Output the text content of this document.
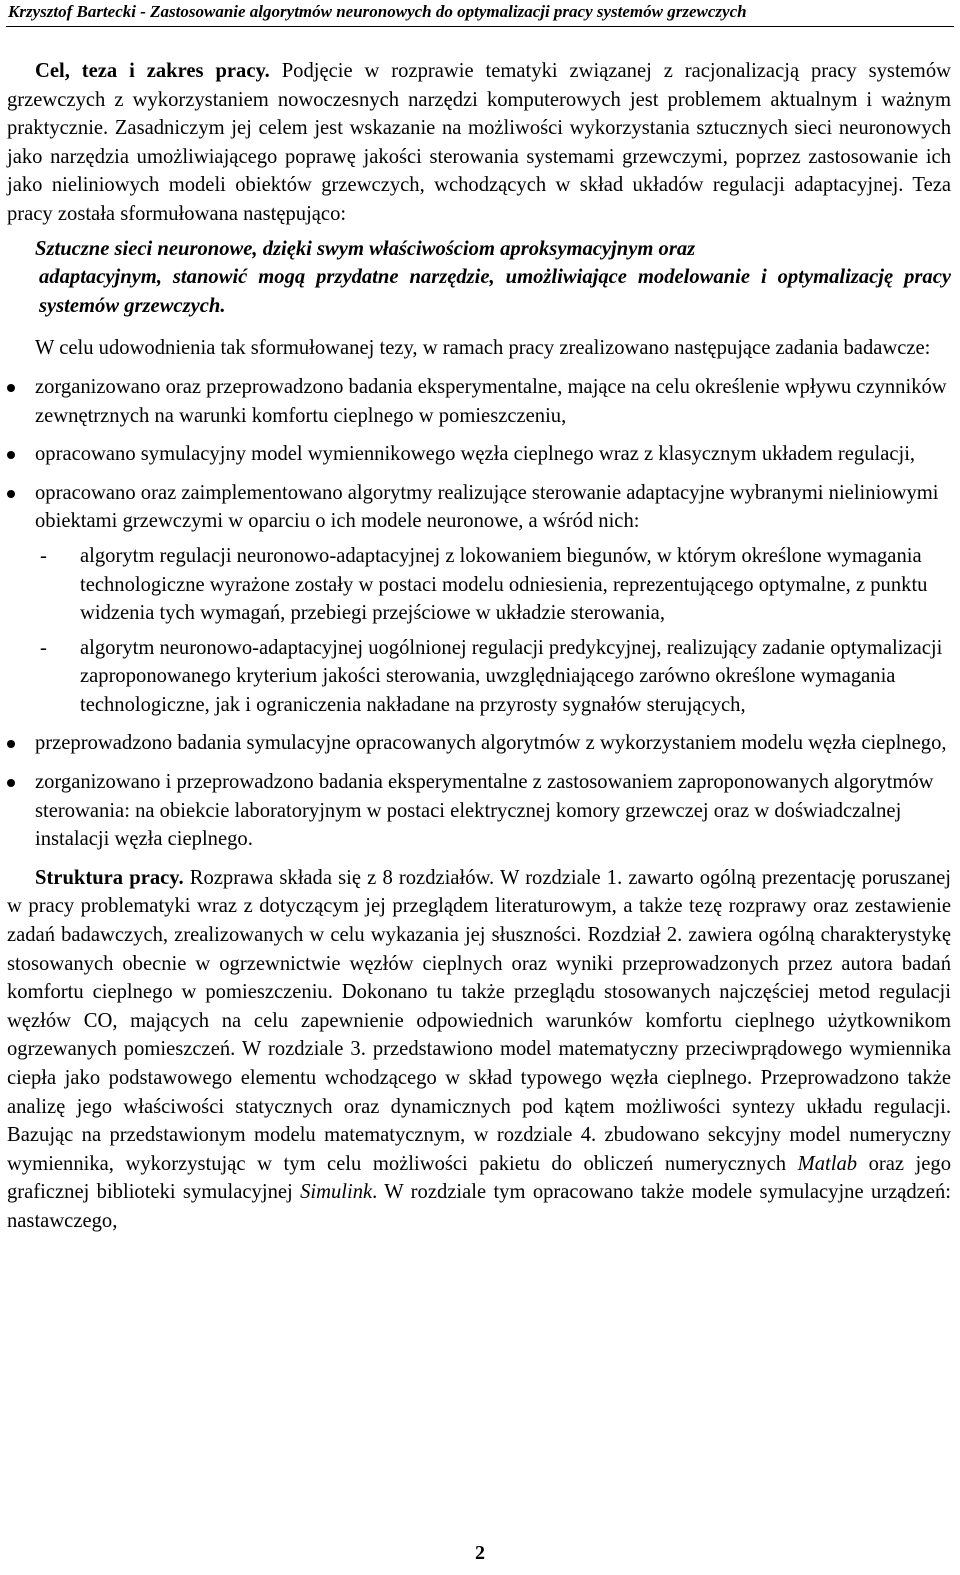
Krzysztof Bartecki - Zastosowanie algorytmów neuronowych do optymalizacji pracy systemów grzewczych

Cel, teza i zakres pracy. Podjęcie w rozprawie tematyki związanej z racjonalizacją pracy systemów grzewczych z wykorzystaniem nowoczesnych narzędzi komputerowych jest problemem aktualnym i ważnym praktycznie. Zasadniczym jej celem jest wskazanie na możliwości wykorzystania sztucznych sieci neuronowych jako narzędzia umożliwiającego poprawę jakości sterowania systemami grzewczymi, poprzez zastosowanie ich jako nieliniowych modeli obiektów grzewczych, wchodzących w skład układów regulacji adaptacyjnej. Teza pracy została sformułowana następująco:

Sztuczne sieci neuronowe, dzięki swym właściwościom aproksymacyjnym oraz
adaptacyjnym, stanowić mogą przydatne narzędzie, umożliwiające modelowanie i optymalizację pracy systemów grzewczych.

W celu udowodnienia tak sformułowanej tezy, w ramach pracy zrealizowano następujące zadania badawcze:

zorganizowano oraz przeprowadzono badania eksperymentalne, mające na celu określenie wpływu czynników zewnętrznych na warunki komfortu cieplnego w pomieszczeniu,
opracowano symulacyjny model wymiennikowego węzła cieplnego wraz z klasycznym układem regulacji,
opracowano oraz zaimplementowano algorytmy realizujące sterowanie adaptacyjne wybranymi nieliniowymi obiektami grzewczymi w oparciu o ich modele neuronowe, a wśród nich:
- algorytm regulacji neuronowo-adaptacyjnej z lokowaniem biegunów, w którym określone wymagania technologiczne wyrażone zostały w postaci modelu odniesienia, reprezentującego optymalne, z punktu widzenia tych wymagań, przebiegi przejściowe w układzie sterowania,
- algorytm neuronowo-adaptacyjnej uogólnionej regulacji predykcyjnej, realizujący zadanie optymalizacji zaproponowanego kryterium jakości sterowania, uwzględniającego zarówno określone wymagania technologiczne, jak i ograniczenia nakładane na przyrosty sygnałów sterujących,
przeprowadzono badania symulacyjne opracowanych algorytmów z wykorzystaniem modelu węzła cieplnego,
zorganizowano i przeprowadzono badania eksperymentalne z zastosowaniem zaproponowanych algorytmów sterowania: na obiekcie laboratoryjnym w postaci elektrycznej komory grzewczej oraz w doświadczalnej instalacji węzła cieplnego.

Struktura pracy. Rozprawa składa się z 8 rozdziałów. W rozdziale 1. zawarto ogólną prezentację poruszanej w pracy problematyki wraz z dotyczącym jej przeglądem literaturowym, a także tezę rozprawy oraz zestawienie zadań badawczych, zrealizowanych w celu wykazania jej słuszności. Rozdział 2. zawiera ogólną charakterystykę stosowanych obecnie w ogrzewnictwie węzłów cieplnych oraz wyniki przeprowadzonych przez autora badań komfortu cieplnego w pomieszczeniu. Dokonano tu także przeglądu stosowanych najczęściej metod regulacji węzłów CO, mających na celu zapewnienie odpowiednich warunków komfortu cieplnego użytkownikom ogrzewanych pomieszczeń. W rozdziale 3. przedstawiono model matematyczny przeciwprądowego wymiennika ciepła jako podstawowego elementu wchodzącego w skład typowego węzła cieplnego. Przeprowadzono także analizę jego właściwości statycznych oraz dynamicznych pod kątem możliwości syntezy układu regulacji. Bazując na przedstawionym modelu matematycznym, w rozdziale 4. zbudowano sekcyjny model numeryczny wymiennika, wykorzystując w tym celu możliwości pakietu do obliczeń numerycznych Matlab oraz jego graficznej biblioteki symulacyjnej Simulink. W rozdziale tym opracowano także modele symulacyjne urządzeń: nastawczego,

2
